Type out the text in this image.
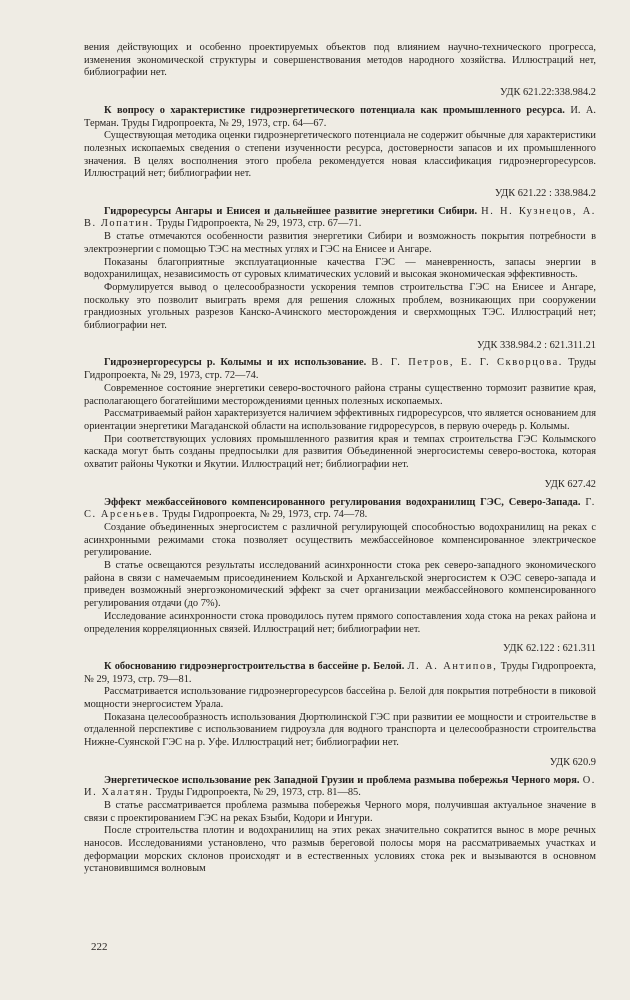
вения действующих и особенно проектируемых объектов под влиянием научно-технического прогресса, изменения экономической структуры и совершенствования методов народного хозяйства. Иллюстраций нет, библиографии нет.

УДК 621.22:338.984.2

К вопросу о характеристике гидроэнергетического потенциала как промышленного ресурса. И. А. Терман. Труды Гидропроекта, № 29, 1973, стр. 64—67.

Существующая методика оценки гидроэнергетического потенциала не содержит обычные для характеристики полезных ископаемых сведения о степени изученности ресурса, достоверности запасов и их промышленного значения. В целях восполнения этого пробела рекомендуется новая классификация гидроэнергоресурсов. Иллюстраций нет; библиографии нет.

УДК 621.22 : 338.984.2

Гидроресурсы Ангары и Енисея и дальнейшее развитие энергетики Сибири. Н. Н. Кузнецов, А. В. Лопатин. Труды Гидропроекта, № 29, 1973, стр. 67—71.

В статье отмечаются особенности развития энергетики Сибири и возможность покрытия потребности в электроэнергии с помощью ТЭС на местных углях и ГЭС на Енисее и Ангаре.

Показаны благоприятные эксплуатационные качества ГЭС — маневренность, запасы энергии в водохранилищах, независимость от суровых климатических условий и высокая экономическая эффективность.

Формулируется вывод о целесообразности ускорения темпов строительства ГЭС на Енисее и Ангаре, поскольку это позволит выиграть время для решения сложных проблем, возникающих при сооружении грандиозных угольных разрезов Канско-Ачинского месторождения и сверхмощных ТЭС. Иллюстраций нет; библиографии нет.

УДК 338.984.2 : 621.311.21

Гидроэнергоресурсы р. Колымы и их использование. В. Г. Петров, Е. Г. Скворцова. Труды Гидропроекта, № 29, 1973, стр. 72—74.

Современное состояние энергетики северо-восточного района страны существенно тормозит развитие края, располагающего богатейшими месторождениями ценных полезных ископаемых.

Рассматриваемый район характеризуется наличием эффективных гидроресурсов, что является основанием для ориентации энергетики Магаданской области на использование гидроресурсов, в первую очередь р. Колымы.

При соответствующих условиях промышленного развития края и темпах строительства ГЭС Колымского каскада могут быть созданы предпосылки для развития Объединенной энергосистемы северо-востока, которая охватит районы Чукотки и Якутии. Иллюстраций нет; библиографии нет.

УДК 627.42

Эффект межбассейнового компенсированного регулирования водохранилищ ГЭС, Северо-Запада. Г. С. Арсеньев. Труды Гидропроекта, № 29, 1973, стр. 74—78.

Создание объединенных энергосистем с различной регулирующей способностью водохранилищ на реках с асинхронными режимами стока позволяет осуществить межбассейновое компенсированное электрическое регулирование.

В статье освещаются результаты исследований асинхронности стока рек северо-западного экономического района в связи с намечаемым присоединением Кольской и Архангельской энергосистем к ОЭС северо-запада и приведен возможный энергоэкономический эффект за счет организации межбассейнового компенсированного регулирования отдачи (до 7%).

Исследование асинхронности стока проводилось путем прямого сопоставления хода стока на реках района и определения корреляционных связей. Иллюстраций нет; библиографии нет.

УДК 62.122 : 621.311

К обоснованию гидроэнергостроительства в бассейне р. Белой. Л. А. Антипов, Труды Гидропроекта, № 29, 1973, стр. 79—81.

Рассматривается использование гидроэнергоресурсов бассейна р. Белой для покрытия потребности в пиковой мощности энергосистем Урала.

Показана целесообразность использования Дюртюлинской ГЭС при развитии ее мощности и строительстве в отдаленной перспективе с использованием гидроузла для водного транспорта и целесообразности строительства Нижне-Суянской ГЭС на р. Уфе. Иллюстраций нет; библиографии нет.

УДК 620.9

Энергетическое использование рек Западной Грузии и проблема размыва побережья Черного моря. О. И. Халатян. Труды Гидропроекта, № 29, 1973, стр. 81—85.

В статье рассматривается проблема размыва побережья Черного моря, получившая актуальное значение в связи с проектированием ГЭС на реках Бзыби, Кодори и Ингури.

После строительства плотин и водохранилищ на этих реках значительно сократится вынос в море речных наносов. Исследованиями установлено, что размыв береговой полосы моря на рассматриваемых участках и деформации морских склонов происходят и в естественных условиях стока рек и вызываются в основном установившимся волновым

222
